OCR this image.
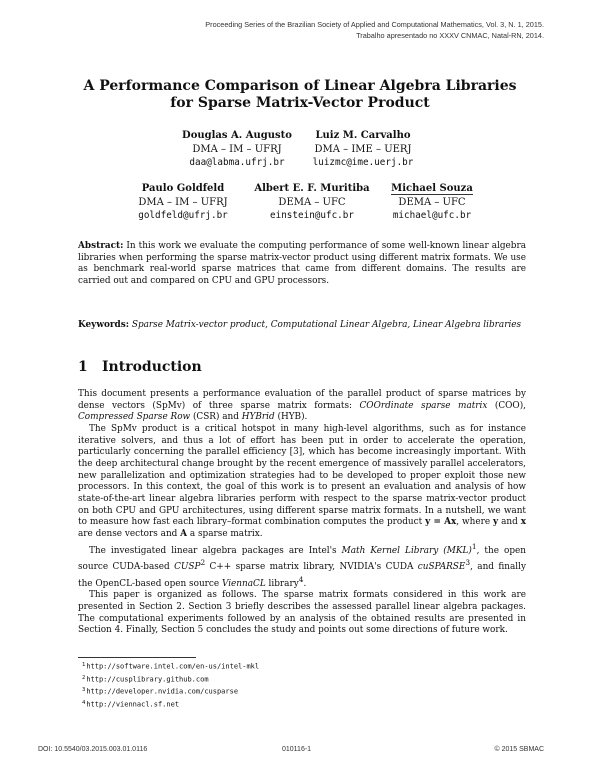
Proceeding Series of the Brazilian Society of Applied and Computational Mathematics, Vol. 3, N. 1, 2015.
Trabalho apresentado no XXXV CNMAC, Natal-RN, 2014.
A Performance Comparison of Linear Algebra Libraries
for Sparse Matrix-Vector Product
Douglas A. Augusto
DMA – IM – UFRJ
daa@labma.ufrj.br
Luiz M. Carvalho
DMA – IME – UERJ
luizmc@ime.uerj.br
Paulo Goldfeld
DMA – IM – UFRJ
goldfeld@ufrj.br
Albert E. F. Muritiba
DEMA – UFC
einstein@ufc.br
Michael Souza
DEMA – UFC
michael@ufc.br
Abstract: In this work we evaluate the computing performance of some well-known linear algebra libraries when performing the sparse matrix-vector product using different matrix formats. We use as benchmark real-world sparse matrices that came from different domains. The results are carried out and compared on CPU and GPU processors.
Keywords: Sparse Matrix-vector product, Computational Linear Algebra, Linear Algebra libraries
1 Introduction

This document presents a performance evaluation of the parallel product of sparse matrices by dense vectors (SpMv) of three sparse matrix formats: COOrdinate sparse matrix (COO), Compressed Sparse Row (CSR) and HYBrid (HYB).

The SpMv product is a critical hotspot in many high-level algorithms, such as for instance iterative solvers, and thus a lot of effort has been put in order to accelerate the operation, particularly concerning the parallel efficiency [3], which has become increasingly important. With the deep architectural change brought by the recent emergence of massively parallel accelerators, new parallelization and optimization strategies had to be developed to proper exploit those new processors. In this context, the goal of this work is to present an evaluation and analysis of how state-of-the-art linear algebra libraries perform with respect to the sparse matrix-vector product on both CPU and GPU architectures, using different sparse matrix formats. In a nutshell, we want to measure how fast each library–format combination computes the product y = Ax, where y and x are dense vectors and A a sparse matrix.

The investigated linear algebra packages are Intel's Math Kernel Library (MKL)$^1$, the open source CUDA-based CUSP$^2$ C++ sparse matrix library, NVIDIA's CUDA cuSPARSE$^3$, and finally the OpenCL-based open source ViennaCL library$^4$.

This paper is organized as follows. The sparse matrix formats considered in this work are presented in Section 2. Section 3 briefly describes the assessed parallel linear algebra packages. The computational experiments followed by an analysis of the obtained results are presented in Section 4. Finally, Section 5 concludes the study and points out some directions of future work.

$^1$http://software.intel.com/en-us/intel-mkl
$^2$http://cusplibrary.github.com
$^3$http://developer.nvidia.com/cusparse
$^4$http://viennacl.sf.net
DOI: 10.5540/03.2015.003.01.0116	010116-1	© 2015 SBMAC
